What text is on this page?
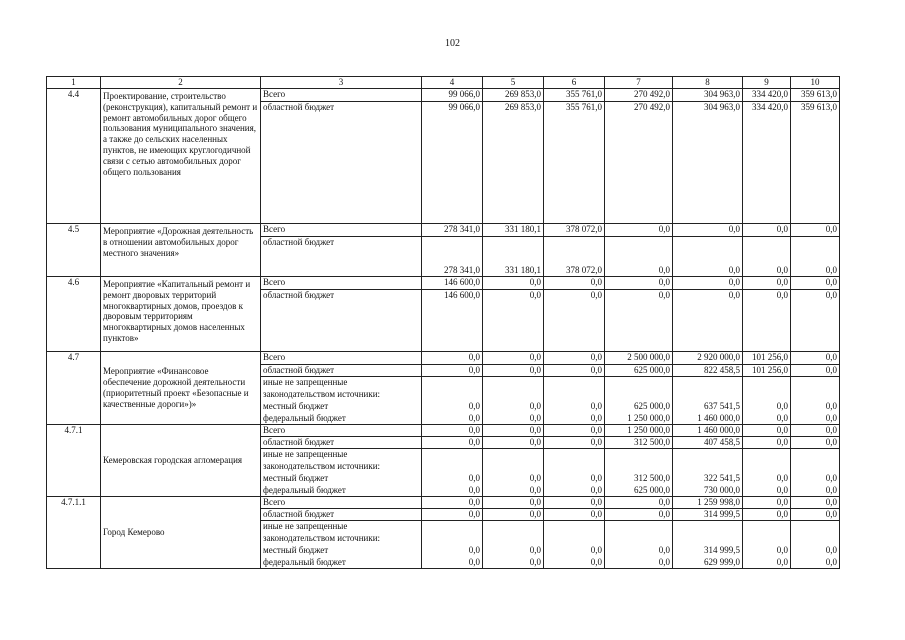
102
1	2	3	4	5	6	7	8	9	10
4.4	Проектирование, строительство (реконструкция), капитальный ремонт и ремонт автомобильных дорог общего пользования муниципального значения, а также до сельских населенных пунктов, не имеющих круглогодичной связи с сетью автомобильных дорог общего пользования	Всего	99 066,0	269 853,0	355 761,0	270 492,0	304 963,0	334 420,0	359 613,0
		областной бюджет	99 066,0	269 853,0	355 761,0	270 492,0	304 963,0	334 420,0	359 613,0
4.5	Мероприятие «Дорожная деятельность в отношении автомобильных дорог местного значения»	Всего	278 341,0	331 180,1	378 072,0	0,0	0,0	0,0	0,0
		областной бюджет	278 341,0	331 180,1	378 072,0	0,0	0,0	0,0	0,0
4.6	Мероприятие «Капитальный ремонт и ремонт дворовых территорий многоквартирных домов, проездов к дворовым территориям многоквартирных домов населенных пунктов»	Всего	146 600,0	0,0	0,0	0,0	0,0	0,0	0,0
		областной бюджет	146 600,0	0,0	0,0	0,0	0,0	0,0	0,0
4.7	Мероприятие «Финансовое обеспечение дорожной деятельности (приоритетный проект «Безопасные и качественные дороги»)»	Всего	0,0	0,0	0,0	2 500 000,0	2 920 000,0	101 256,0	0,0
		областной бюджет	0,0	0,0	0,0	625 000,0	822 458,5	101 256,0	0,0
		иные не запрещенные							
		законодательством источники:							
		местный бюджет	0,0	0,0	0,0	625 000,0	637 541,5	0,0	0,0
		федеральный бюджет	0,0	0,0	0,0	1 250 000,0	1 460 000,0	0,0	0,0
4.7.1	Кемеровская городская агломерация	Всего	0,0	0,0	0,0	1 250 000,0	1 460 000,0	0,0	0,0
		областной бюджет	0,0	0,0	0,0	312 500,0	407 458,5	0,0	0,0
		иные не запрещенные							
		законодательством источники:							
		местный бюджет	0,0	0,0	0,0	312 500,0	322 541,5	0,0	0,0
		федеральный бюджет	0,0	0,0	0,0	625 000,0	730 000,0	0,0	0,0
4.7.1.1	Город Кемерово	Всего	0,0	0,0	0,0	0,0	1 259 998,0	0,0	0,0
		областной бюджет	0,0	0,0	0,0	0,0	314 999,5	0,0	0,0
		иные не запрещенные							
		законодательством источники:							
		местный бюджет	0,0	0,0	0,0	0,0	314 999,5	0,0	0,0
		федеральный бюджет	0,0	0,0	0,0	0,0	629 999,0	0,0	0,0
